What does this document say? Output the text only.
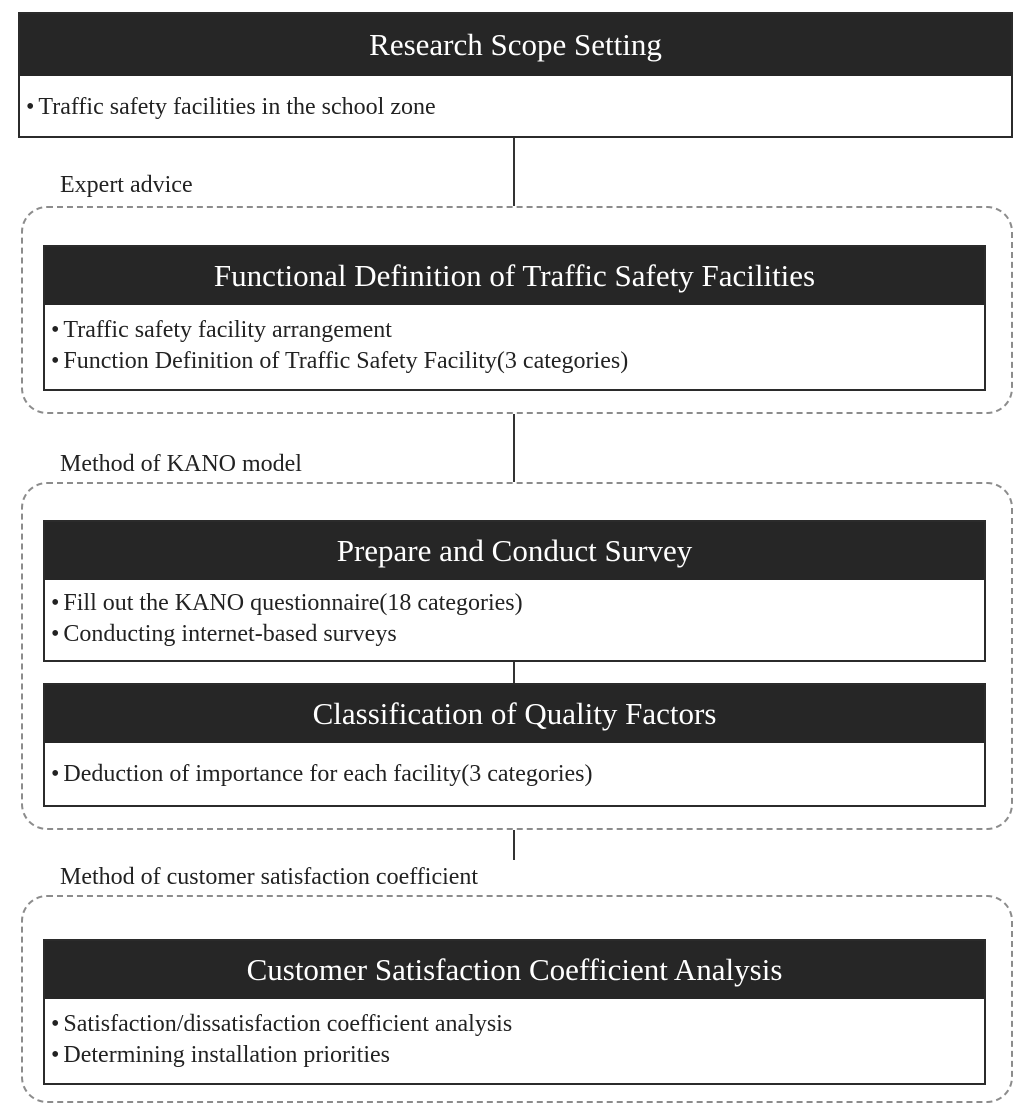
Research Scope Setting
• Traffic safety facilities in the school zone
Expert advice
Functional Definition of Traffic Safety Facilities
• Traffic safety facility arrangement
• Function Definition of Traffic Safety Facility(3 categories)
Method of KANO model
Prepare and Conduct Survey
• Fill out the KANO questionnaire(18 categories)
• Conducting internet-based surveys
Classification of Quality Factors
• Deduction of importance for each facility(3 categories)
Method of customer satisfaction coefficient
Customer Satisfaction Coefficient Analysis
• Satisfaction/dissatisfaction coefficient analysis
• Determining installation priorities
